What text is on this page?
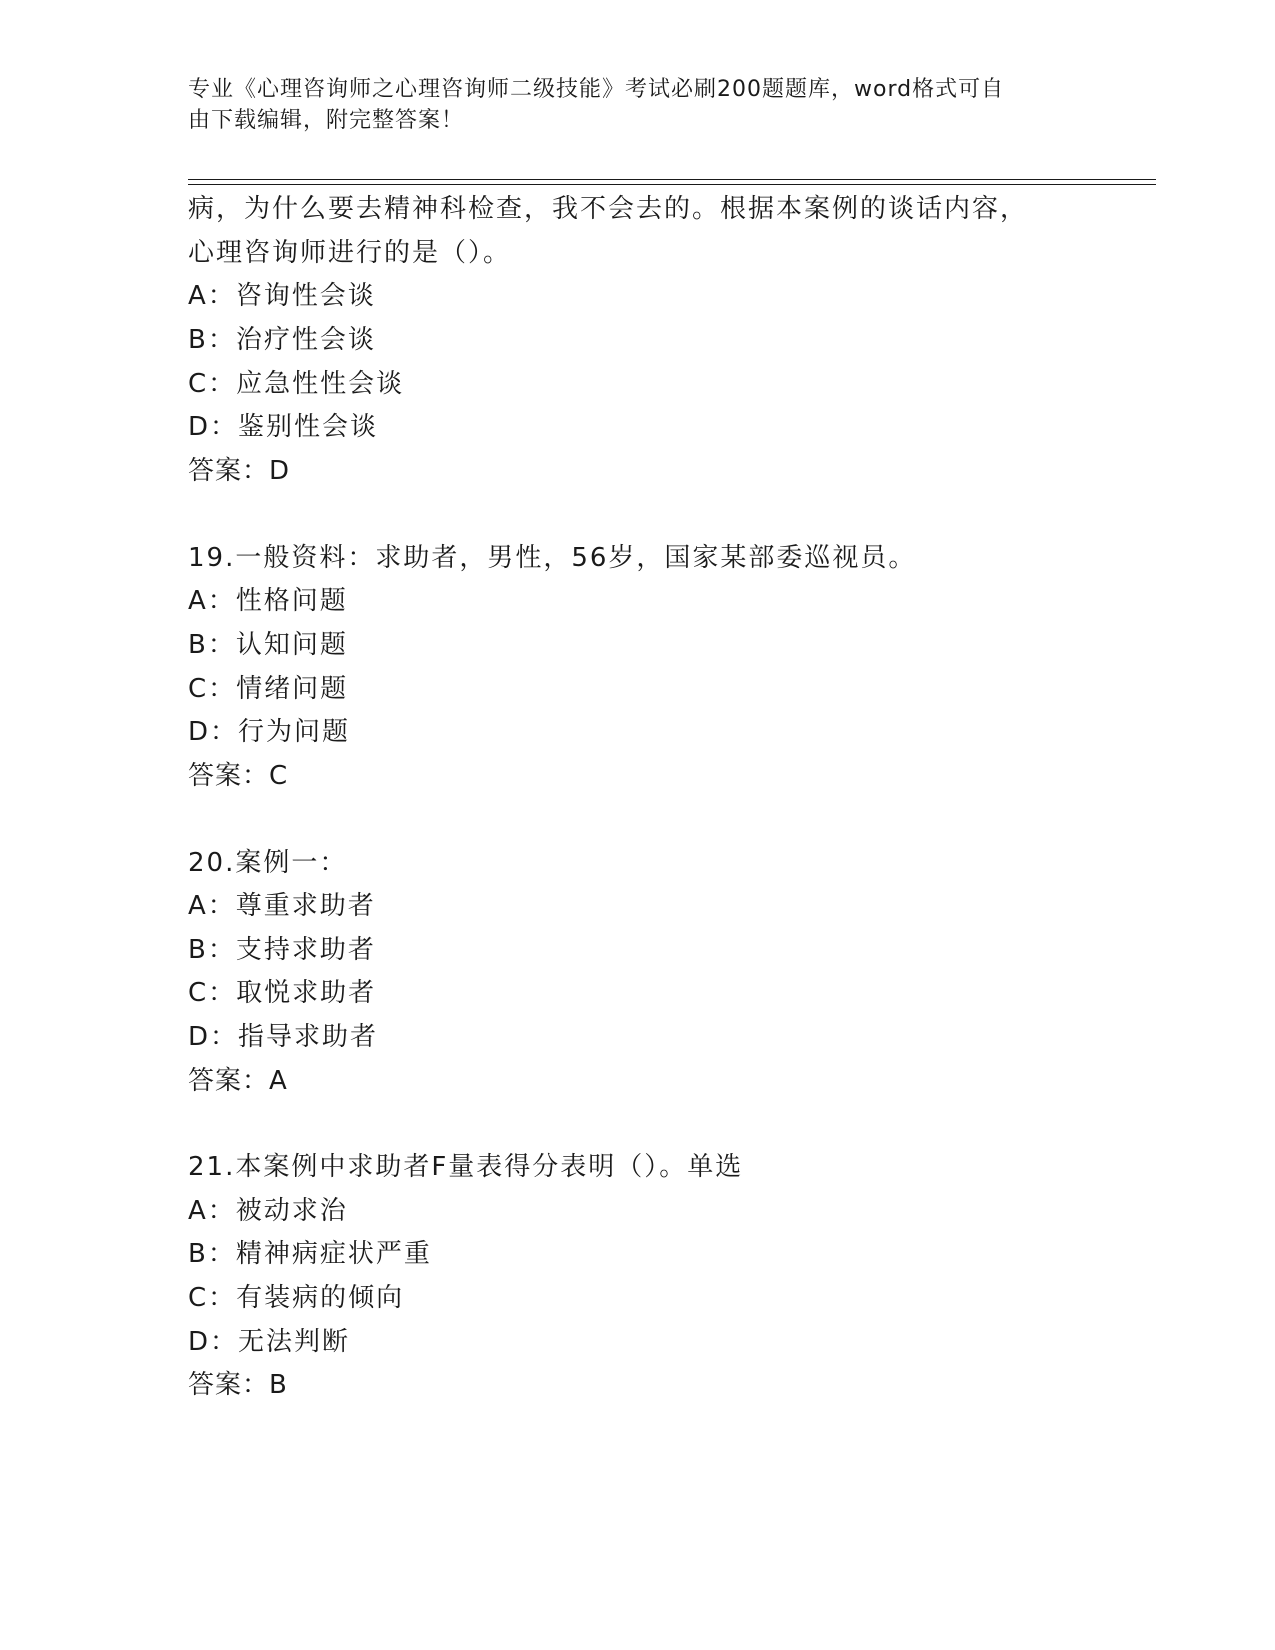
专业《心理咨询师之心理咨询师二级技能》考试必刷200题题库，word格式可自
由下载编辑，附完整答案！
病，为什么要去精神科检查，我不会去的。根据本案例的谈话内容，
心理咨询师进行的是（）。
A：咨询性会谈
B：治疗性会谈
C：应急性性会谈
D：鉴别性会谈
答案：D
19.一般资料：求助者，男性，56岁，国家某部委巡视员。
A：性格问题
B：认知问题
C：情绪问题
D：行为问题
答案：C
20.案例一：
A：尊重求助者
B：支持求助者
C：取悦求助者
D：指导求助者
答案：A
21.本案例中求助者F量表得分表明（）。单选
A：被动求治
B：精神病症状严重
C：有装病的倾向
D：无法判断
答案：B
